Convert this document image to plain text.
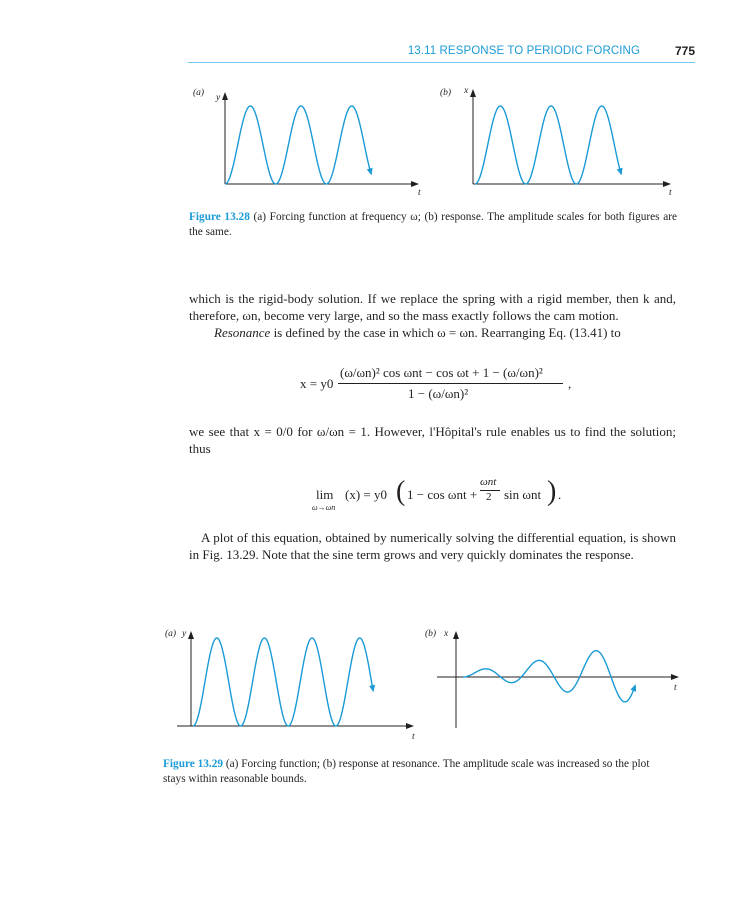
13.11 RESPONSE TO PERIODIC FORCING	775
(a) y
t
(b) x
t
Figure 13.28 (a) Forcing function at frequency ω; (b) response. The amplitude scales for both figures are the same.
which is the rigid-body solution. If we replace the spring with a rigid member, then k and, therefore, ωn, become very large, and so the mass exactly follows the cam motion.
Resonance is defined by the case in which ω = ωn. Rearranging Eq. (13.41) to
x = y0
(ω/ωn)² cos ωnt − cos ωt + 1 − (ω/ωn)²
1 − (ω/ωn)²
,
we see that x = 0/0 for ω/ωn = 1. However, l'Hôpital's rule enables us to find the solution; thus
lim
ω→ωn
(x) = y0 ( 1 − cos ωnt +
ωnt
2 sin ωnt ) .
A plot of this equation, obtained by numerically solving the differential equation, is shown in Fig. 13.29. Note that the sine term grows and very quickly dominates the response.
(a) y
t
(b) x
t
Figure 13.29 (a) Forcing function; (b) response at resonance. The amplitude scale was increased so the plot stays within reasonable bounds.
